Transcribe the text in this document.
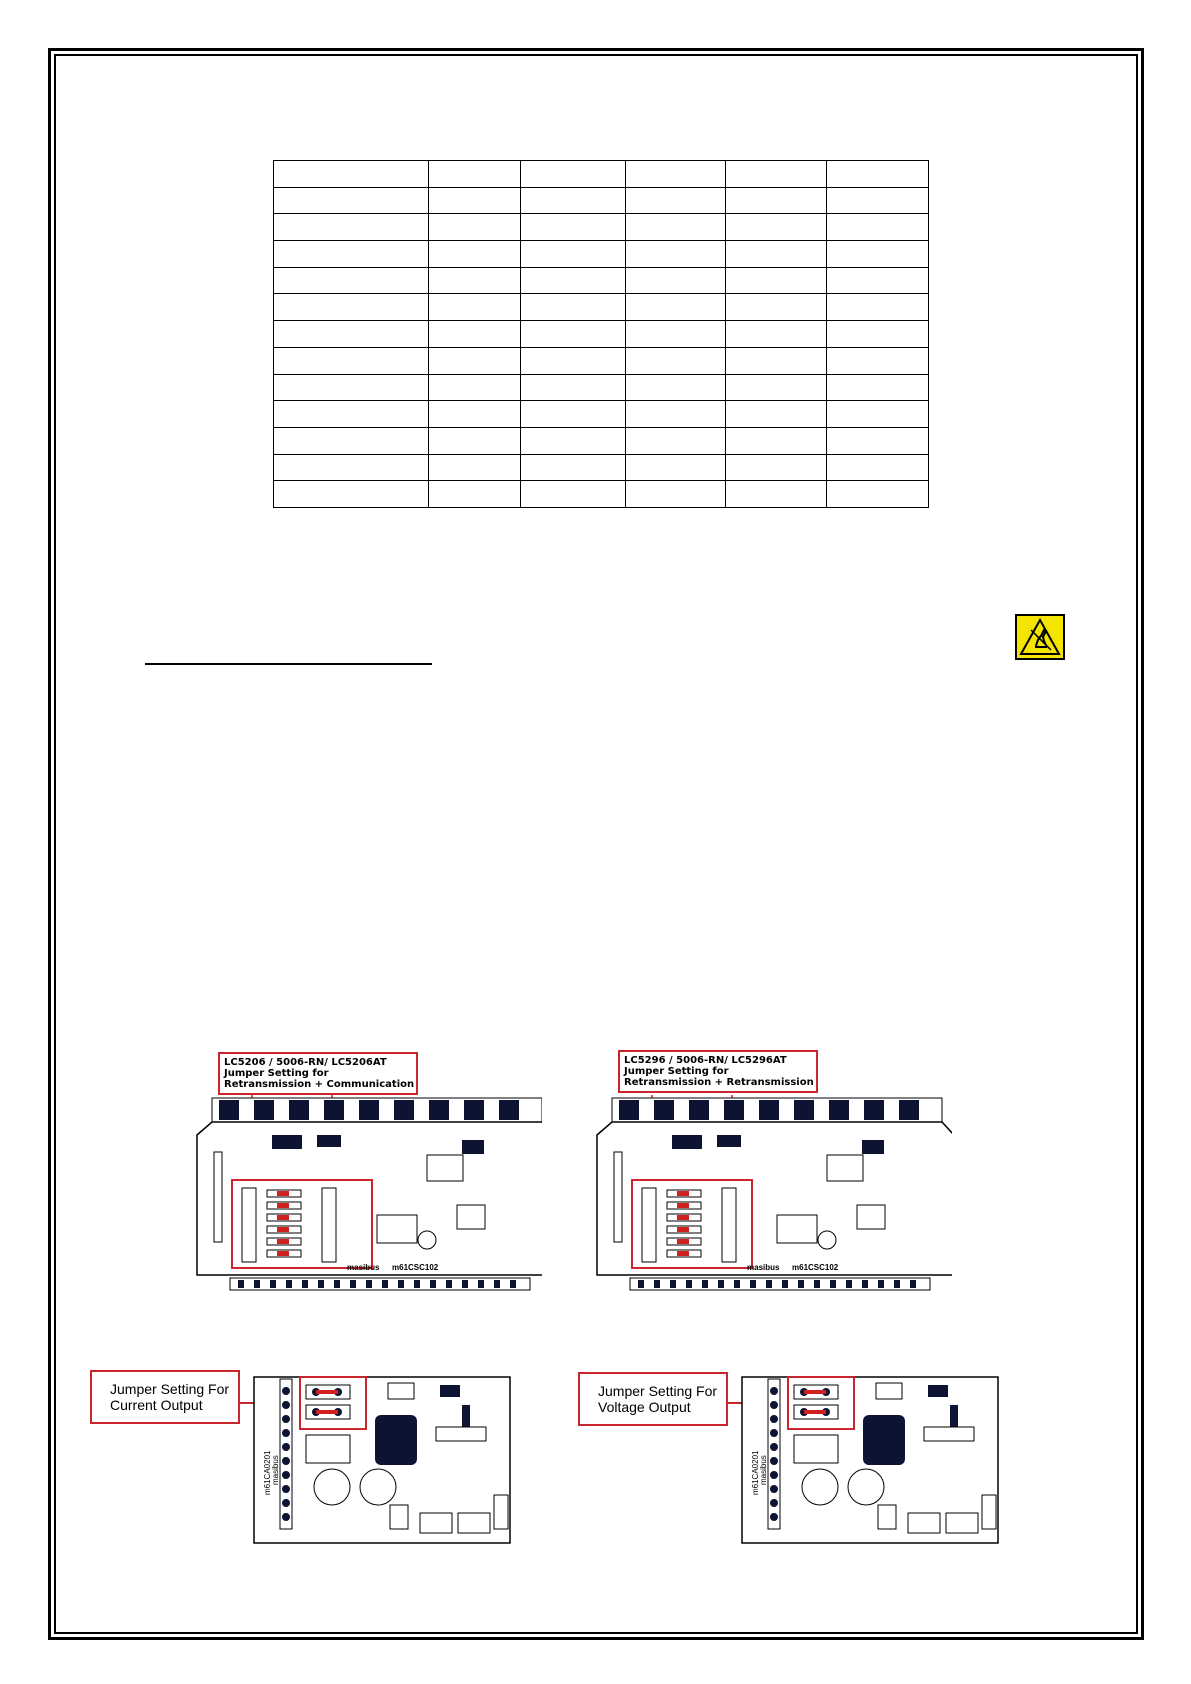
masibus m61CSC102
LC5206 / 5006-RN/ LC5206AT
Jumper Setting for
Retransmission + Communication
masibus m61CSC102
LC5296 / 5006-RN/ LC5296AT
Jumper Setting for
Retransmission + Retransmission
Jumper Setting For
Current Output
m61CA0201 masibus
Jumper Setting For
Voltage Output
m61CA0201 masibus
